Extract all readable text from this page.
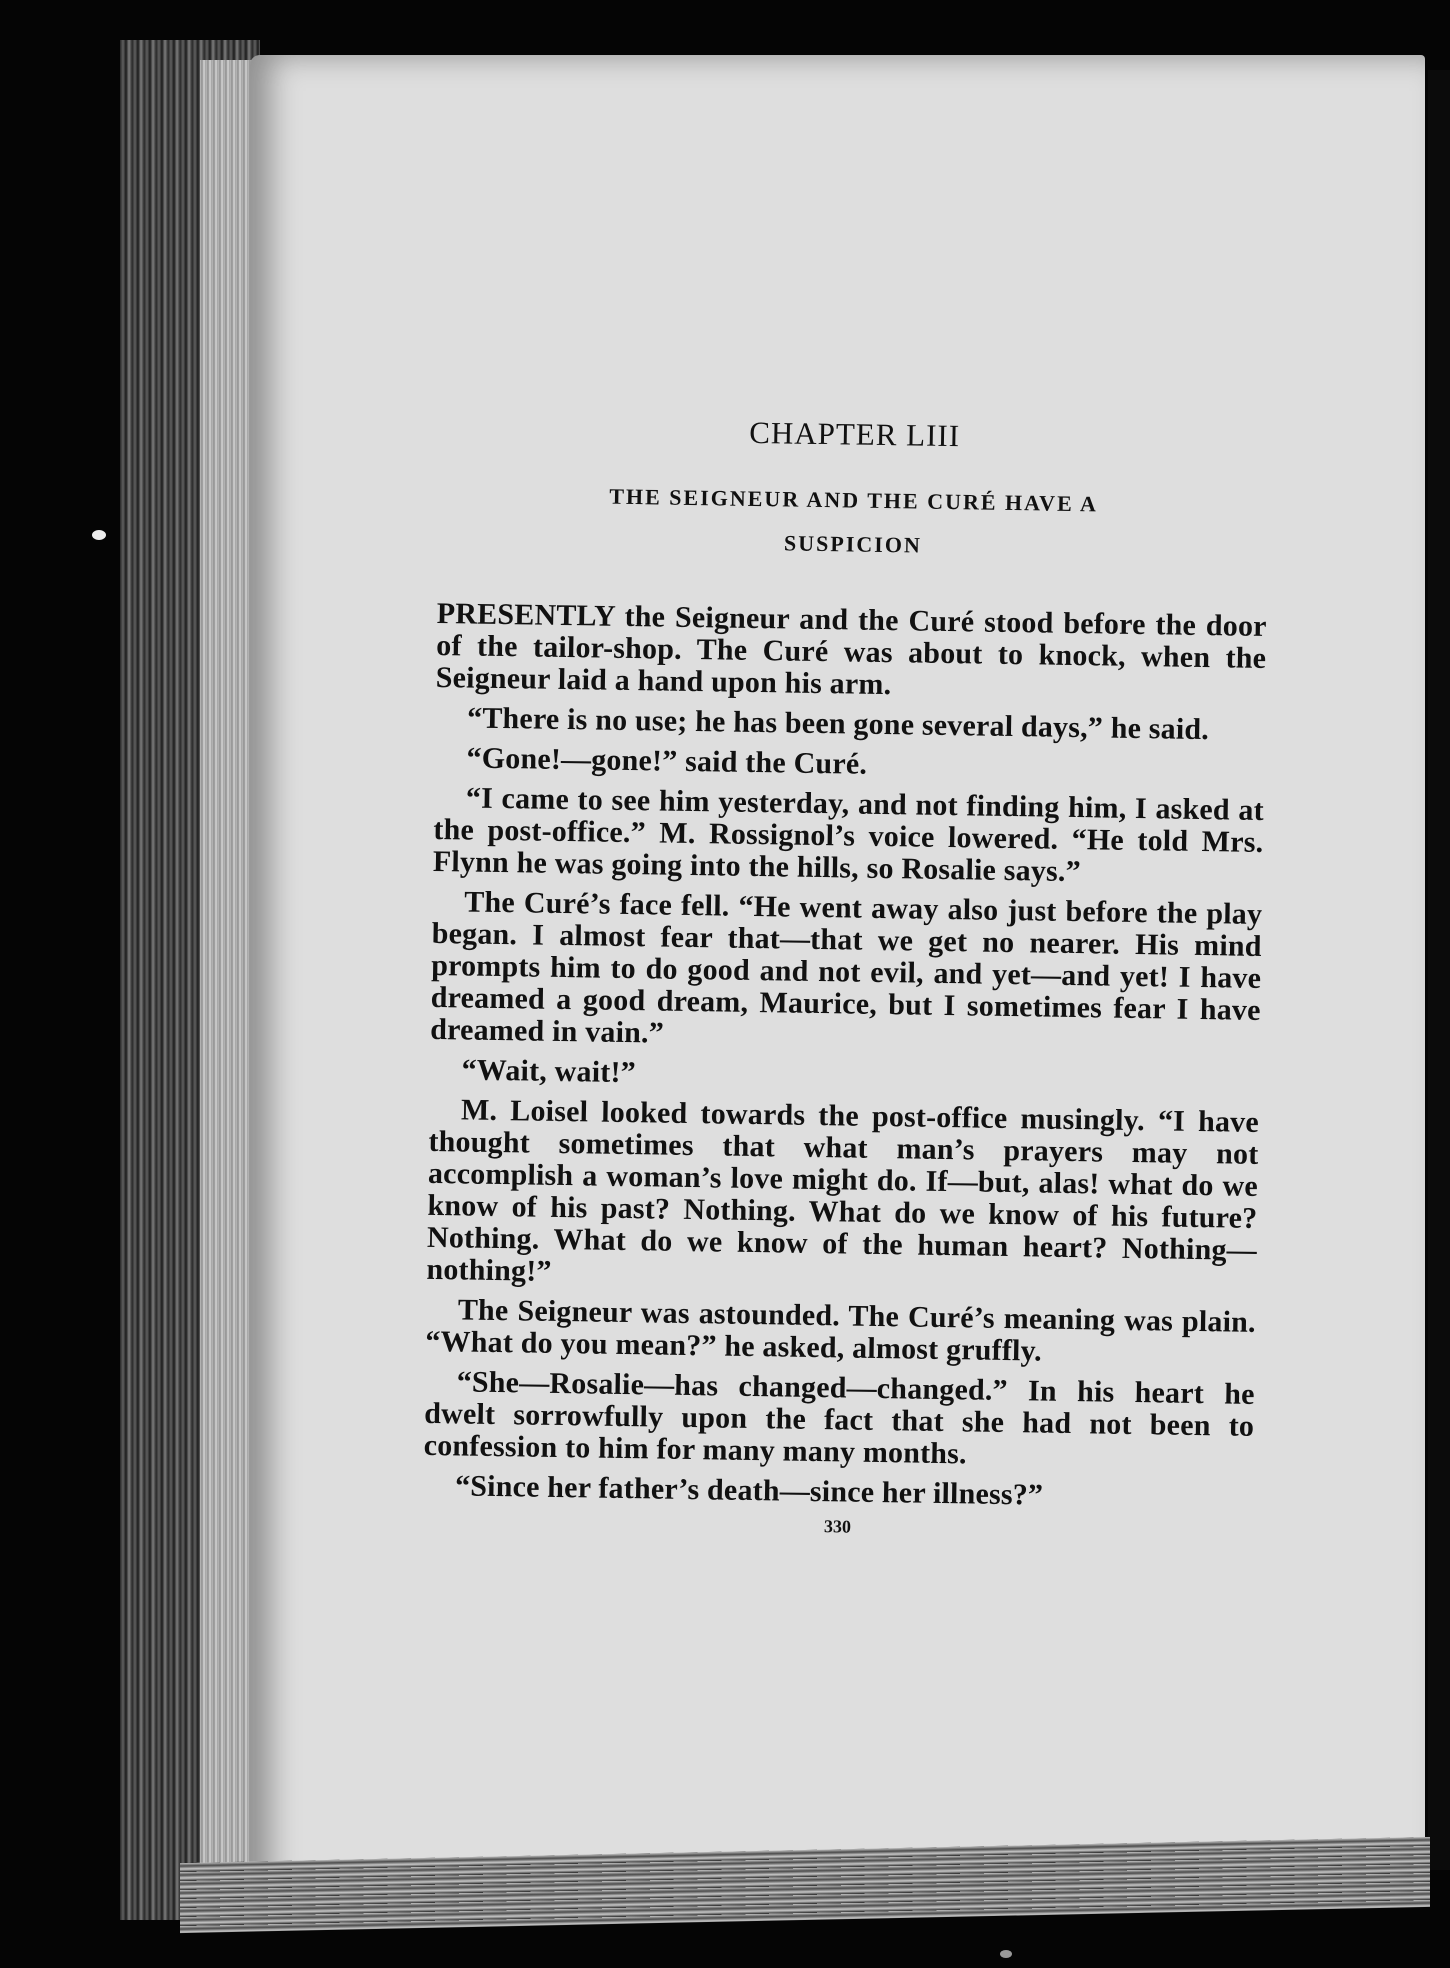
CHAPTER LIII
THE SEIGNEUR AND THE CURÉ HAVE A
SUSPICION

PRESENTLY the Seigneur and the Curé stood before the door of the tailor-shop. The Curé was about to knock, when the Seigneur laid a hand upon his arm.

“There is no use; he has been gone several days,” he said.

“Gone!—gone!” said the Curé.

“I came to see him yesterday, and not finding him, I asked at the post-office.” M. Rossignol’s voice lowered. “He told Mrs. Flynn he was going into the hills, so Rosalie says.”

The Curé’s face fell. “He went away also just before the play began. I almost fear that—that we get no nearer. His mind prompts him to do good and not evil, and yet—and yet! I have dreamed a good dream, Maurice, but I sometimes fear I have dreamed in vain.”

“Wait, wait!”

M. Loisel looked towards the post-office musingly. “I have thought sometimes that what man’s prayers may not accomplish a woman’s love might do. If—but, alas! what do we know of his past? Nothing. What do we know of his future? Nothing. What do we know of the human heart? Nothing—nothing!”

The Seigneur was astounded. The Curé’s meaning was plain. “What do you mean?” he asked, almost gruffly.

“She—Rosalie—has changed—changed.” In his heart he dwelt sorrowfully upon the fact that she had not been to confession to him for many many months.

“Since her father’s death—since her illness?”

330
